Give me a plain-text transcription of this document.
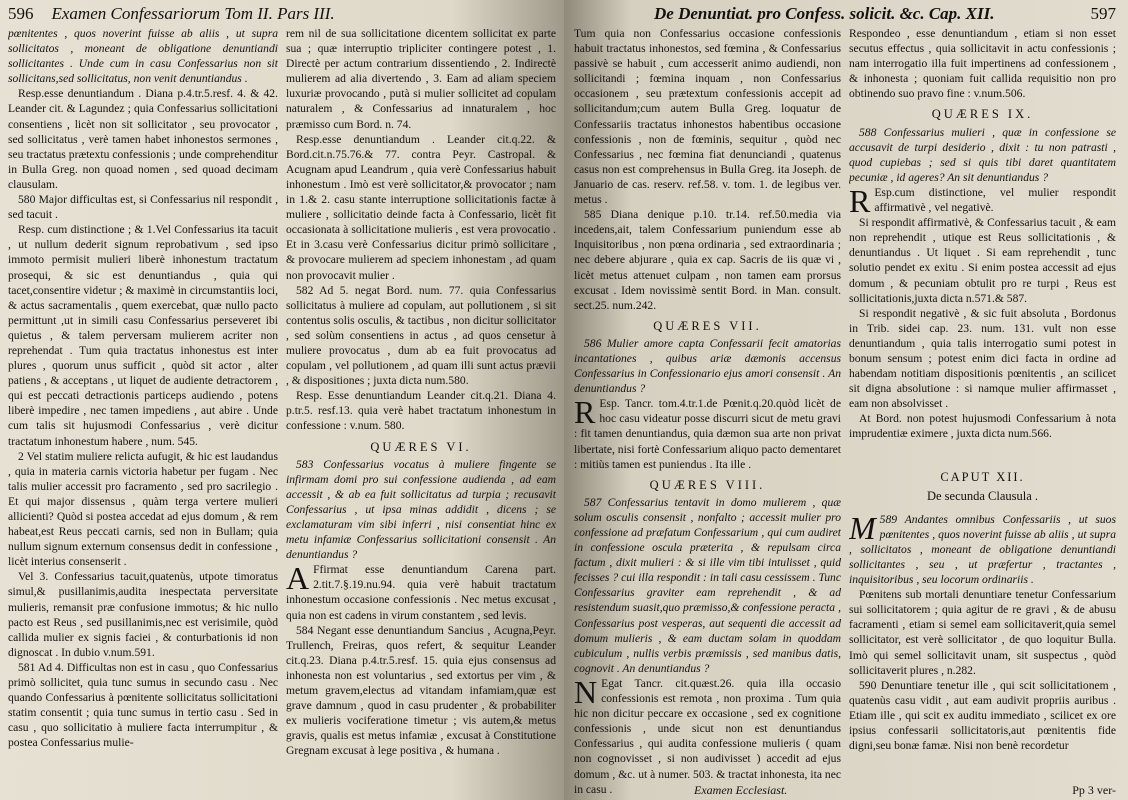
596 Examen Confessariorum Tom II. Pars III.

pœnitentes , quos noverint fuisse ab aliis , ut supra sollicitatos , moneant de obligatione denuntiandi sollicitantes . Unde cum in casu Confessarius non sit sollicitans,sed sollicitatus, non venit denuntiandus .

Resp.esse denuntiandum . Diana p.4.tr.5.resf. 4. & 42. Leander cit. & Lagundez ; quia Confessarius sollicitationi consentiens , licèt non sit sollicitator , seu provocator , sed sollicitatus , verè tamen habet inhonestos sermones , seu tractatus prætextu confessionis ; unde comprehenditur in Bulla Greg. non quoad nomen , sed quoad decimam clausulam.

580 Major difficultas est, si Confessarius nil respondit , sed tacuit .

Resp. cum distinctione ; & 1.Vel Confessarius ita tacuit , ut nullum dederit signum reprobativum , sed ipso immoto permisit mulieri liberè inhonestum tractatum prosequi, & sic est denuntiandus , quia qui tacet,consentire videtur ; & maximè in circumstantiis loci, & actus sacramentalis , quem exercebat, quæ nullo pacto permittunt ,ut in simili casu Confessarius perseveret ibi quietus , & talem perversam mulierem acriter non reprehendat . Tum quia tractatus inhonestus est inter plures , quorum unus sufficit , quòd sit actor , alter patiens , & acceptans , ut liquet de audiente detractorem , qui est peccati detractionis particeps audiendo , potens liberè impedire , nec tamen impediens , aut abire . Unde cum talis sit hujusmodi Confessarius , verè dicitur tractatum inhonestum habere , num. 545.

2 Vel statim muliere relicta aufugit, & hic est laudandus , quia in materia carnis victoria habetur per fugam . Nec talis mulier accessit pro facramento , sed pro sacrilegio . Et qui major dissensus , quàm terga vertere mulieri allicienti? Quòd si postea accedat ad ejus domum , & rem habeat,est Reus peccati carnis, sed non in Bullam; quia nullum signum externum consensus dedit in confessione , licèt interius consenserit .

Vel 3. Confessarius tacuit,quatenùs, utpote timoratus simul,& pusillanimis,audita inespectata perversitate mulieris, remansit præ confusione immotus; & hic nullo pacto est Reus , sed pusillanimis,nec est verisimile, quòd callida mulier ex signis faciei , & conturbationis id non dignoscat . In dubio v.num.591.

581 Ad 4. Difficultas non est in casu , quo Confessarius primò sollicitet, quia tunc sumus in secundo casu . Nec quando Confessarius à pœnitente sollicitatus sollicitationi statim consentit ; quia tunc sumus in tertio casu . Sed in casu , quo sollicitatio à muliere facta interrumpitur , & postea Confessarius mulie-

rem nil de sua sollicitatione dicentem sollicitat ex parte sua ; quæ interruptio tripliciter contingere potest , 1. Directè per actum contrarium dissentiendo , 2. Indirectè mulierem ad alia divertendo , 3. Eam ad aliam speciem luxuriæ provocando , putà si mulier sollicitet ad copulam naturalem , & Confessarius ad innaturalem , hoc præmisso cum Bord. n. 74.

Resp.esse denuntiandum . Leander cit.q.22. & Bord.cit.n.75.76.& 77. contra Peyr. Castropal. & Acugnam apud Leandrum , quia verè Confessarius habuit inhonestum . Imò est verè sollicitator,& provocator ; nam in 1.& 2. casu stante interruptione sollicitationis factæ à muliere , sollicitatio deinde facta à Confessario, licèt fit occasionata à sollicitatione mulieris , est vera provocatio . Et in 3.casu verè Confessarius dicitur primò sollicitare , & provocare mulierem ad speciem inhonestam , ad quam non provocavit mulier .

582 Ad 5. negat Bord. num. 77. quia Confessarius sollicitatus à muliere ad copulam, aut pollutionem , si sit contentus solis osculis, & tactibus , non dicitur sollicitator , sed solùm consentiens in actus , ad quos censetur à muliere provocatus , dum ab ea fuit provocatus ad copulam , vel pollutionem , ad quam illi sunt actus prævii , & dispositiones ; juxta dicta num.580.

Resp. Esse denuntiandum Leander cit.q.21. Diana 4. p.tr.5. resf.13. quia verè habet tractatum inhonestum in confessione : v.num. 580.

QUÆRES VI.

583 Confessarius vocatus à muliere fingente se infirmam domi pro sui confessione audienda , ad eam accessit , & ab ea fuit sollicitatus ad turpia ; recusavit Confessarius , ut ipsa minas addidit , dicens ; se exclamaturam vim sibi inferri , nisi consentiat hinc ex metu infamiæ Confessarius sollicitationi consensit . An denuntiandus ?

A Ffirmat esse denuntiandum Carena part. 2.tit.7.§.19.nu.94. quia verè habuit tractatum inhonestum occasione confessionis . Nec metus excusat , quia non est cadens in virum constantem , sed levis.

584 Negant esse denuntiandum Sancius , Acugna,Peyr. Trullench, Freiras, quos refert, & sequitur Leander cit.q.23. Diana p.4.tr.5.resf. 15. quia ejus consensus ad inhonesta non est voluntarius , sed extortus per vim , & metum gravem,electus ad vitandam infamiam,quæ est grave damnum , quod in casu prudenter , & probabiliter ex mulieris vociferatione timetur ; vis autem,& metus gravis, qualis est metus infamiæ , excusat à Constitutione Gregnam excusat à lege positiva , & humana .

De Denuntiat. pro Confess. solicit. &c. Cap. XII.	597

Tum quia non Confessarius occasione confessionis habuit tractatus inhonestos, sed fœmina , & Confessarius passivè se habuit , cum accesserit animo audiendi, non sollicitandi ; fœmina inquam , non Confessarius occasionem , seu prætextum confessionis accepit ad sollicitandum;cum autem Bulla Greg. loquatur de Confessariis tractatus inhonestos habentibus occasione confessionis , non de fœminis, sequitur , quòd nec Confessarius , nec fœmina fiat denunciandi , quatenus casus non est comprehensus in Bulla Greg. ita Joseph. de Januario de cas. reserv. ref.58. v. tom. 1. de legibus ver. metus .

585 Diana denique p.10. tr.14. ref.50.media via incedens,ait, talem Confessarium puniendum esse ab Inquisitoribus , non pœna ordinaria , sed extraordinaria ; nec debere abjurare , quia ex cap. Sacris de iis quæ vi , licèt metus attenuet culpam , non tamen eam prorsus excusat . Idem novissimè sentit Bord. in Man. consult. sect.25. num.242.

QUÆRES VII.

586 Mulier amore capta Confessarii fecit amatorias incantationes , quibus ariæ dæmonis accensus Confessarius in Confessionario ejus amori consensit . An denuntiandus ?

R Esp. Tancr. tom.4.tr.1.de Pœnit.q.20.quòd licèt de hoc casu videatur posse discurri sicut de metu gravi : fit tamen denuntiandus, quia dæmon sua arte non privat libertate, nisi fortè Confessarium aliquo pacto dementaret : mitiùs tamen est puniendus . Ita ille .

QUÆRES VIII.

587 Confessarius tentavit in domo mulierem , quæ solum osculis consensit , nonfalto ; accessit mulier pro confessione ad præfatum Confessarium , qui cum audiret in confessione oscula præterita , & repulsam circa factum , dixit mulieri : & si ille vim tibi intulisset , quid fecisses ? cui illa respondit : in tali casu cessissem . Tunc Confessarius graviter eam reprehendit , & ad resistendum suasit,quo præmisso,& confessione peracta , Confessarius post vesperas, aut sequenti die accessit ad domum mulieris , & eam ductam solam in quoddam cubiculum , nullis verbis præmissis , sed manibus datis, cognovit . An denuntiandus ?

N Egat Tancr. cit.quæst.26. quia illa occasio confessionis est remota , non proxima . Tum quia hic non dicitur peccare ex occasione , sed ex cognitione confessionis , unde sicut non est denuntiandus Confessarius , qui audita confessione mulieris ( quam non cognovisset , si non audivisset ) accedit ad ejus domum , &c. ut à numer. 503. & tractat inhonesta, ita nec in casu .

Respondeo , esse denuntiandum , etiam si non esset secutus effectus , quia sollicitavit in actu confessionis ; nam interrogatio illa fuit impertinens ad confessionem , & inhonesta ; quoniam fuit callida requisitio non pro obtinendo suo pravo fine : v.num.506.

QUÆRES IX.

588 Confessarius mulieri , quæ in confessione se accusavit de turpi desiderio , dixit : tu non patrasti , quod cupiebas ; sed si quis tibi daret quantitatem pecuniæ , id ageres? An sit denuntiandus ?

R Esp.cum distinctione, vel mulier respondit affirmativè , vel negativè.

Si respondit affirmativè, & Confessarius tacuit , & eam non reprehendit , utique est Reus sollicitationis , & denuntiandus . Ut liquet . Si eam reprehendit , tunc solutio pendet ex exitu . Si enim postea accessit ad ejus domum , & pecuniam obtulit pro re turpi , Reus est sollicitationis,juxta dicta n.571.& 587.

Si respondit negativè , & sic fuit absoluta , Bordonus in Trib. sidei cap. 23. num. 131. vult non esse denuntiandum , quia talis interrogatio sumi potest in bonum sensum ; potest enim dici facta in ordine ad habendam notitiam dispositionis pœnitentis , an scilicet sit digna absolutione : si namque mulier affirmasset , eam non absolvisset .

At Bord. non potest hujusmodi Confessarium à nota imprudentiæ eximere , juxta dicta num.566.

CAPUT XII.
De secunda Clausula .

589
M	Andantes omnibus Confessariis , ut suos pœnitentes , quos noverint fuisse ab aliis , ut supra , sollicitatos , moneant de obligatione denuntiandi sollicitantes , seu , ut præfertur , tractantes , inquisitoribus , seu locorum ordinariis .

Pœnitens sub mortali denuntiare tenetur Confessarium sui sollicitatorem ; quia agitur de re gravi , & de abusu facramenti , etiam si semel eam sollicitaverit,quia semel sollicitator, est verè sollicitator , de quo loquitur Bulla. Imò qui semel sollicitavit unam, sit suspectus , quòd sollicitaverit plures , n.282.

590 Denuntiare tenetur ille , qui scit sollicitationem , quatenùs casu vidit , aut eam audivit propriis auribus . Etiam ille , qui scit ex auditu immediato , scilicet ex ore ipsius confessarii sollicitatoris,aut pœnitentis fide digni,seu bonæ famæ. Nisi non benè recordetur

Examen Ecclesiast.	Pp 3 ver-
